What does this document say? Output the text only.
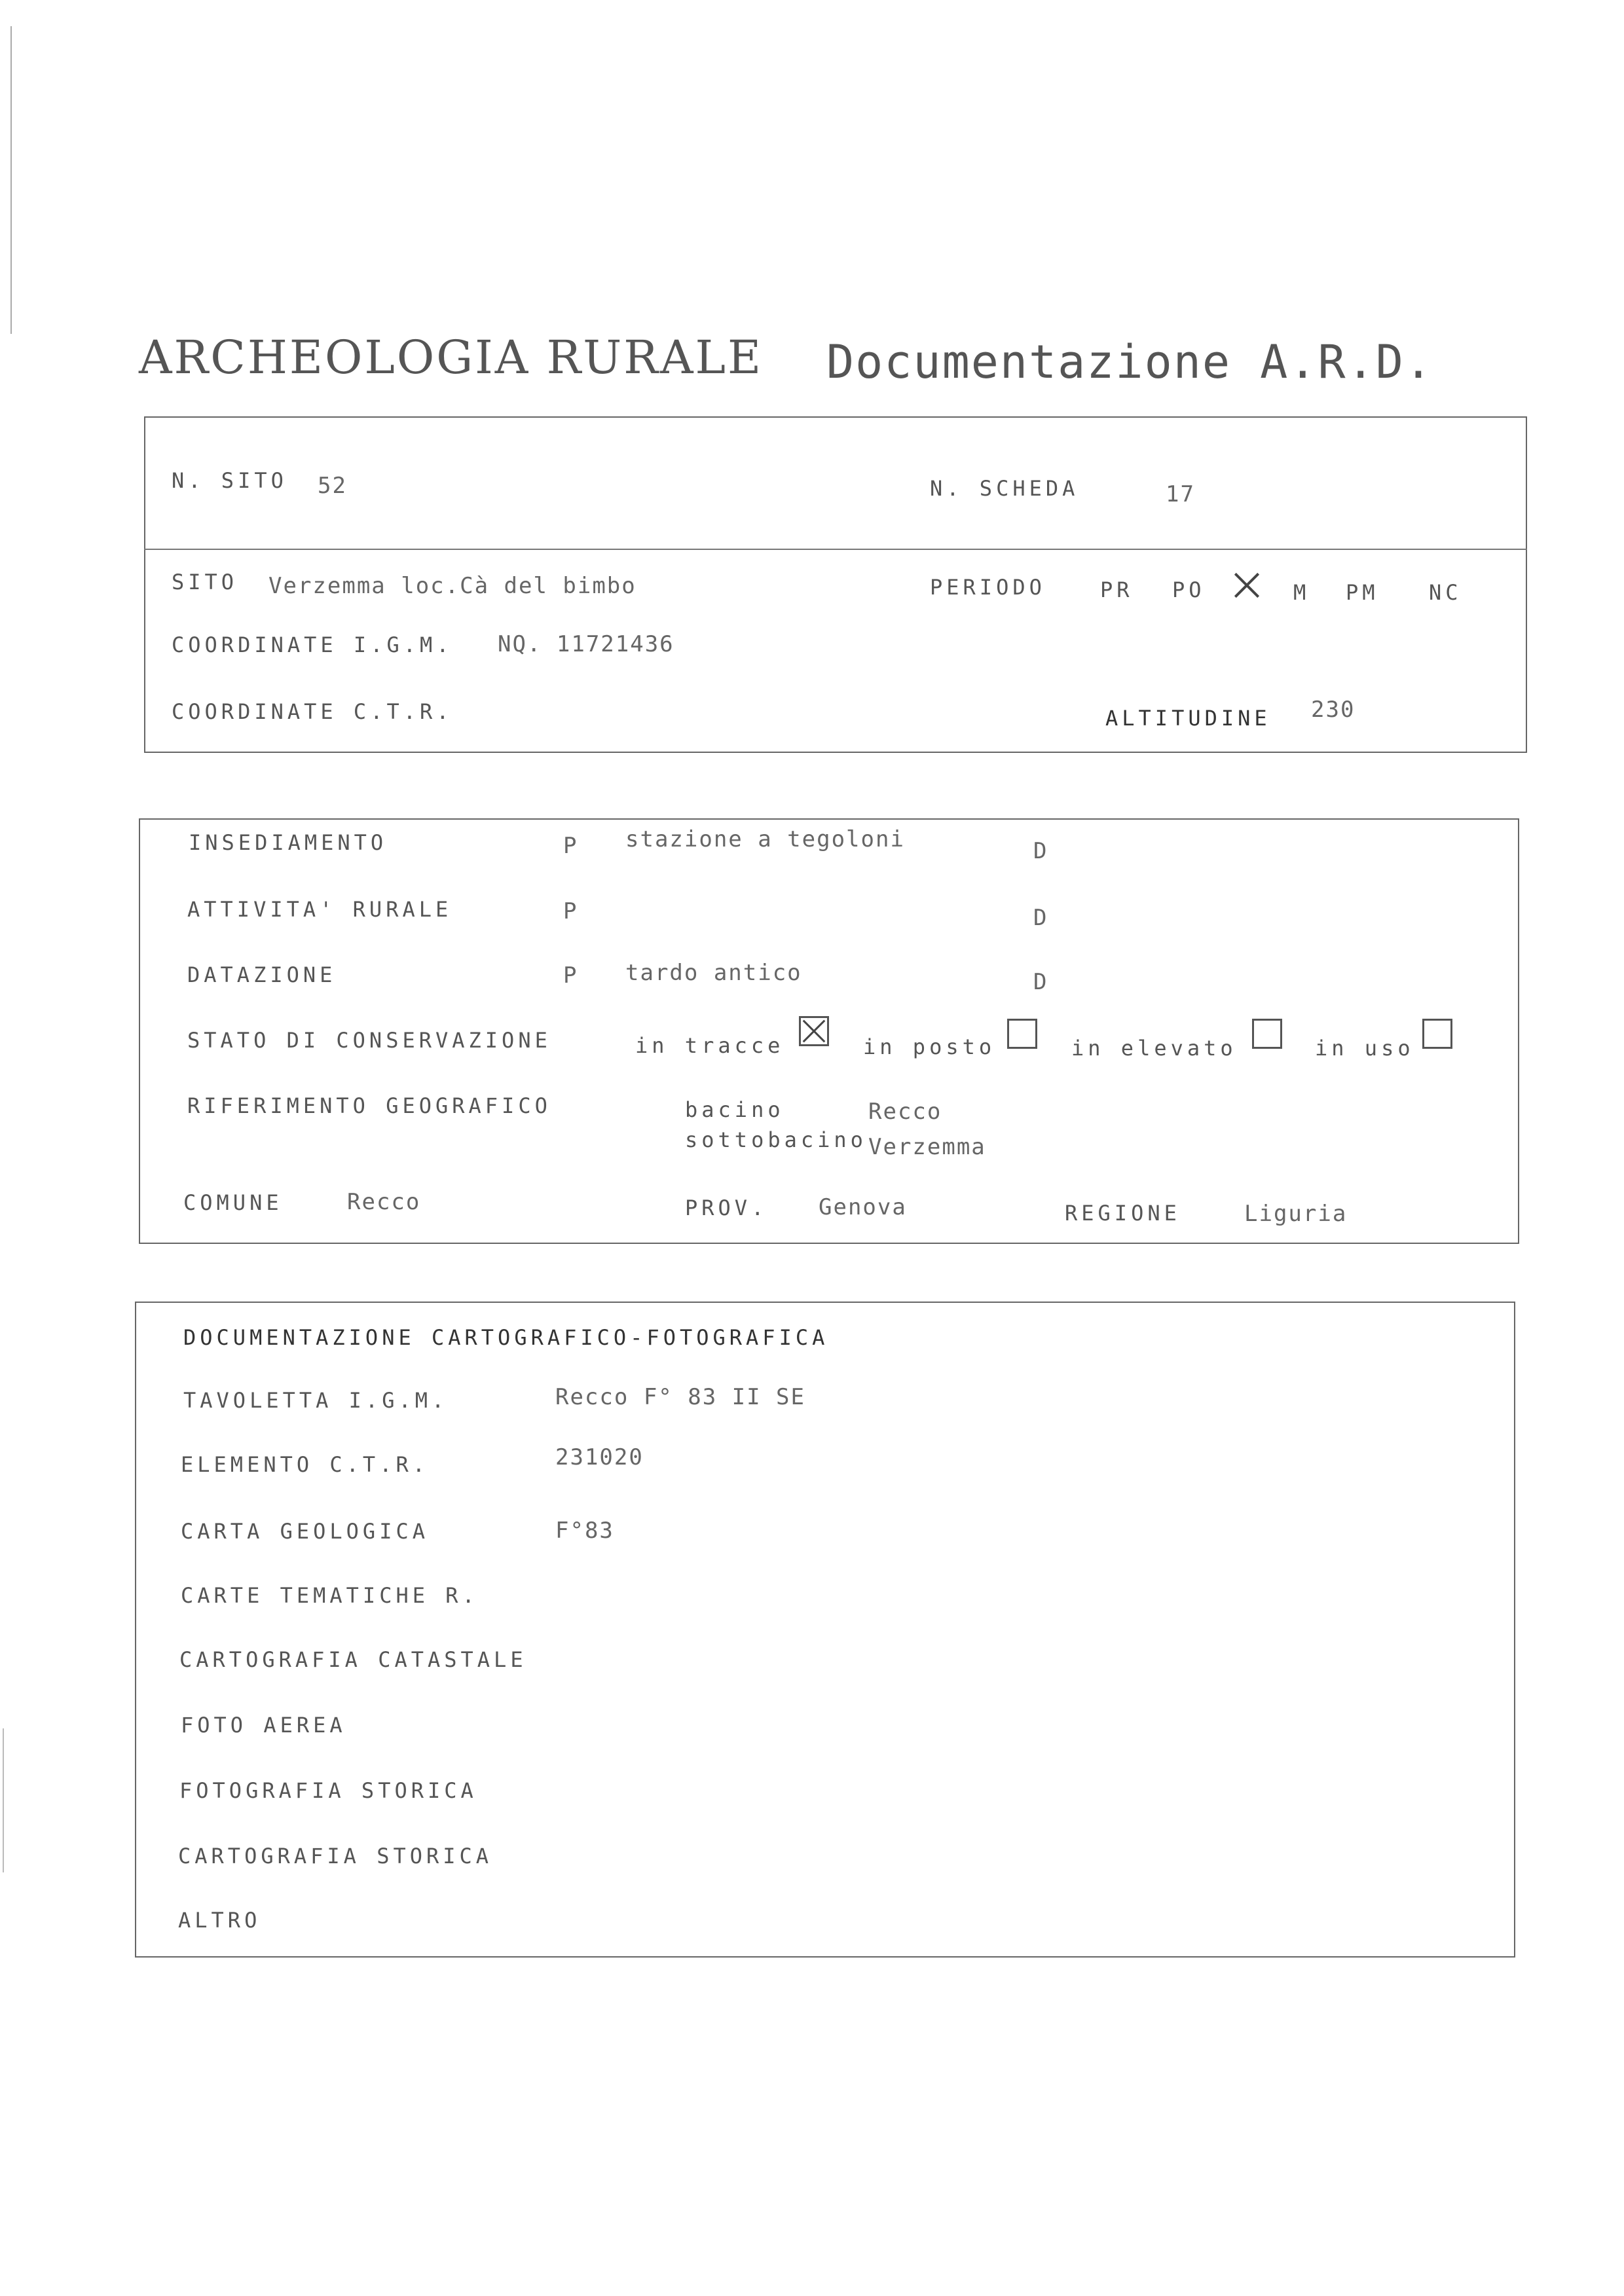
ARCHEOLOGIA RURALE Documentazione A.R.D.
N. SITO 52	N. SCHEDA	17
SITO Verzemma loc.Cà del bimbo	PERIODO	PR PO	M PM NC
COORDINATE I.G.M. NQ. 11721436
COORDINATE C.T.R.	ALTITUDINE 230
INSEDIAMENTO	P stazione a tegoloni	D
ATTIVITA' RURALE	P	D
DATAZIONE	P tardo antico	D
STATO DI CONSERVAZIONE	in tracce	in posto	in elevato	in uso
RIFERIMENTO GEOGRAFICO	bacino	Recco
sottobacino Verzemma
COMUNE	Recco	PROV. Genova	REGIONE	Liguria
DOCUMENTAZIONE CARTOGRAFICO-FOTOGRAFICA
TAVOLETTA I.G.M.	Recco F° 83 II SE
ELEMENTO C.T.R.	231020
CARTA GEOLOGICA	F°83
CARTE TEMATICHE R.
CARTOGRAFIA CATASTALE
FOTO AEREA
FOTOGRAFIA STORICA
CARTOGRAFIA STORICA
ALTRO
